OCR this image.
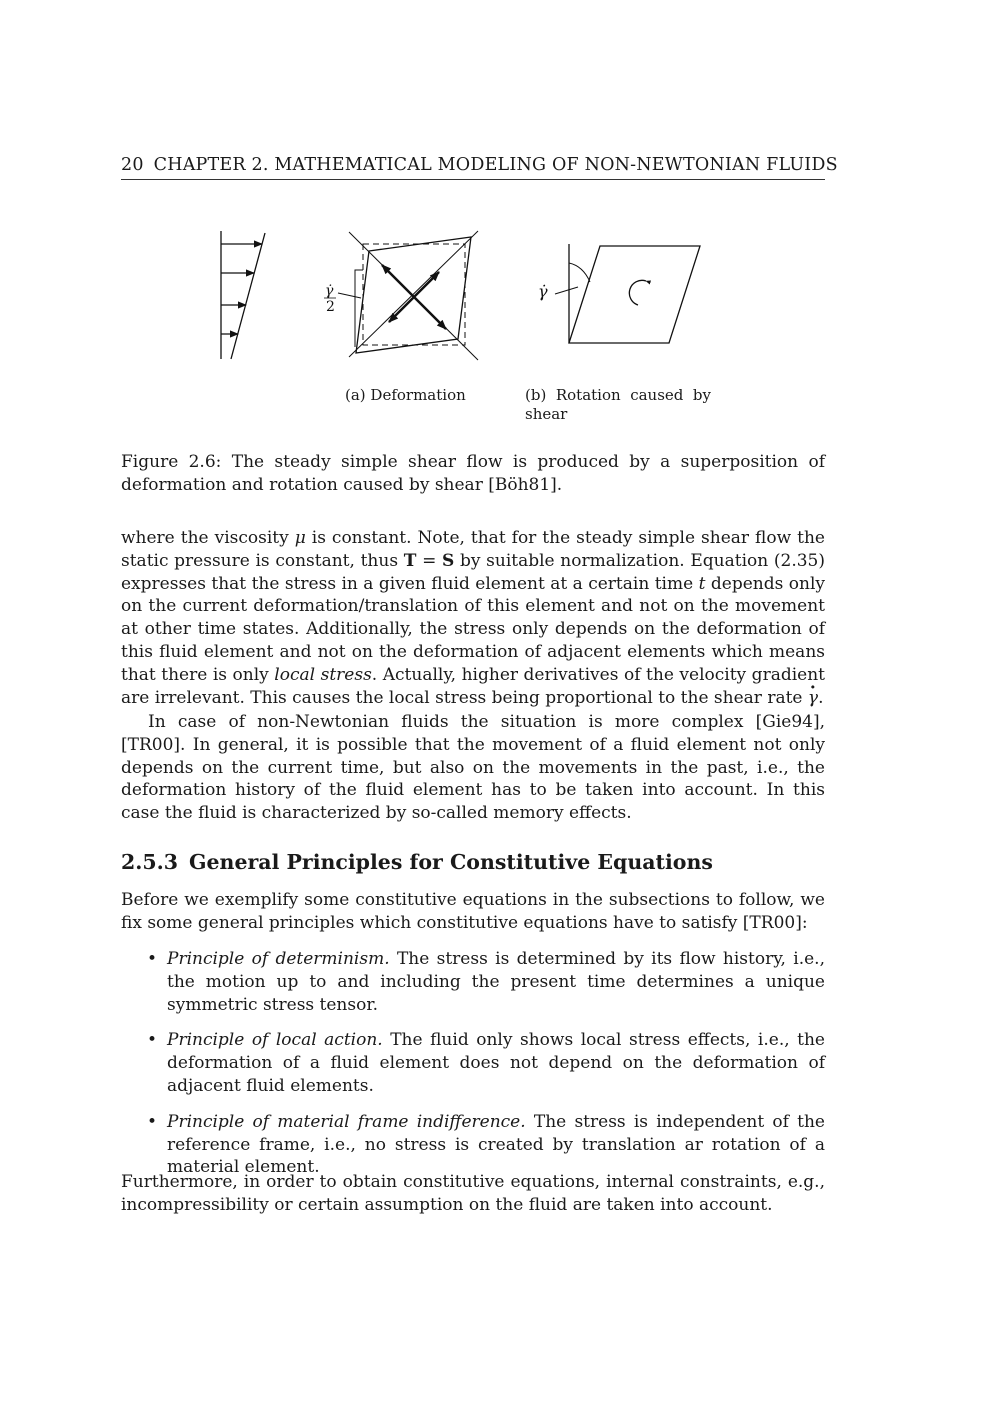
20 CHAPTER 2. MATHEMATICAL MODELING OF NON-NEWTONIAN FLUIDS
γ̇
2
γ̇
(a) Deformation	(b) Rotation caused by
shear
Figure 2.6: The steady simple shear flow is produced by a superposition of deformation and rotation caused by shear [Böh81].
where the viscosity μ is constant. Note, that for the steady simple shear flow the static pressure is constant, thus T = S by suitable normalization. Equation (2.35) expresses that the stress in a given fluid element at a certain time t depends only on the current deformation/translation of this element and not on the movement at other time states. Additionally, the stress only depends on the deformation of this fluid element and not on the deformation of adjacent elements which means that there is only local stress. Actually, higher derivatives of the velocity gradient are irrelevant. This causes the local stress being proportional to the shear rate · γ.
In case of non-Newtonian fluids the situation is more complex [Gie94], [TR00]. In general, it is possible that the movement of a fluid element not only depends on the current time, but also on the movements in the past, i.e., the deformation history of the fluid element has to be taken into account. In this case the fluid is characterized by so-called memory effects.
2.5.3 General Principles for Constitutive Equations
Before we exemplify some constitutive equations in the subsections to follow, we fix some general principles which constitutive equations have to satisfy [TR00]:
• Principle of determinism. The stress is determined by its flow history, i.e., the motion up to and including the present time determines a unique symmetric stress tensor.
• Principle of local action. The fluid only shows local stress effects, i.e., the deformation of a fluid element does not depend on the deformation of adjacent fluid elements.
• Principle of material frame indifference. The stress is independent of the reference frame, i.e., no stress is created by translation ar rotation of a material element.
Furthermore, in order to obtain constitutive equations, internal constraints, e.g., incompressibility or certain assumption on the fluid are taken into account.
